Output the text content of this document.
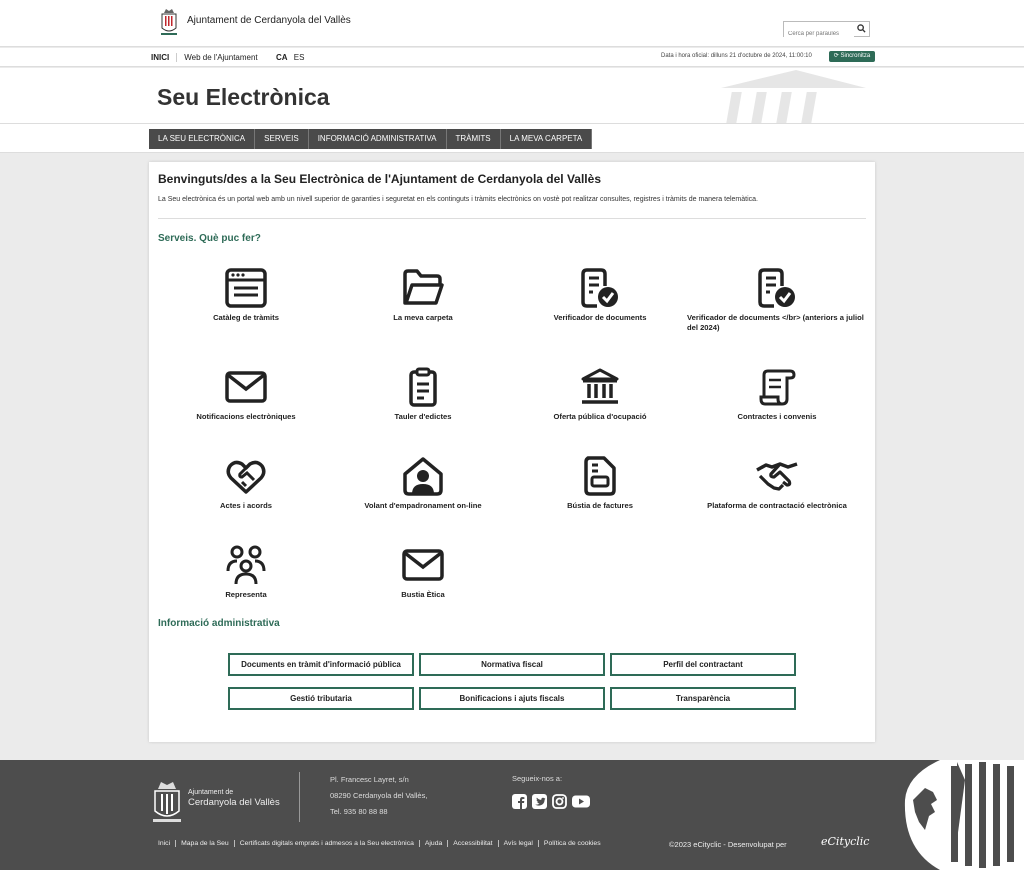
Ajuntament de Cerdanyola del Vallès
Cerca per paraules
INICI	Web de l'Ajuntament	CA ES	Data i hora oficial: dilluns 21 d'octubre de 2024, 11:00:10	⟳ Sincronitza
Seu Electrònica
LA SEU ELECTRÒNICA	SERVEIS	INFORMACIÓ ADMINISTRATIVA	TRÀMITS	LA MEVA CARPETA
Benvinguts/des a la Seu Electrònica de l'Ajuntament de Cerdanyola del Vallès
La Seu electrònica és un portal web amb un nivell superior de garanties i seguretat en els continguts i tràmits electrònics on vostè pot realitzar consultes, registres i tràmits de manera telemàtica.
Serveis. Què puc fer?
Catàleg de tràmits	La meva carpeta	Verificador de documents	Verificador de documents </br> (anteriors a juliol del 2024)
Notificacions electròniques	Tauler d'edictes	Oferta pública d'ocupació	Contractes i convenis
Actes i acords	Volant d'empadronament on-line	Bústia de factures	Plataforma de contractació electrònica
Representa	Bustia Ètica
Informació administrativa
Documents en tràmit d'informació pública	Normativa fiscal	Perfil del contractant
Gestió tributaria	Bonificacions i ajuts fiscals	Transparència
Ajuntament de
Cerdanyola del Vallès
Pl. Francesc Layret, s/n
08290 Cerdanyola del Vallès,
Tel. 935 80 88 88
Segueix-nos a:
Inici	Mapa de la Seu	Certificats digitals emprats i admesos a la Seu electrònica	Ajuda	Accessibilitat	Avís legal	Política de cookies	©2023 eCityclic - Desenvolupat per	eCityclic
